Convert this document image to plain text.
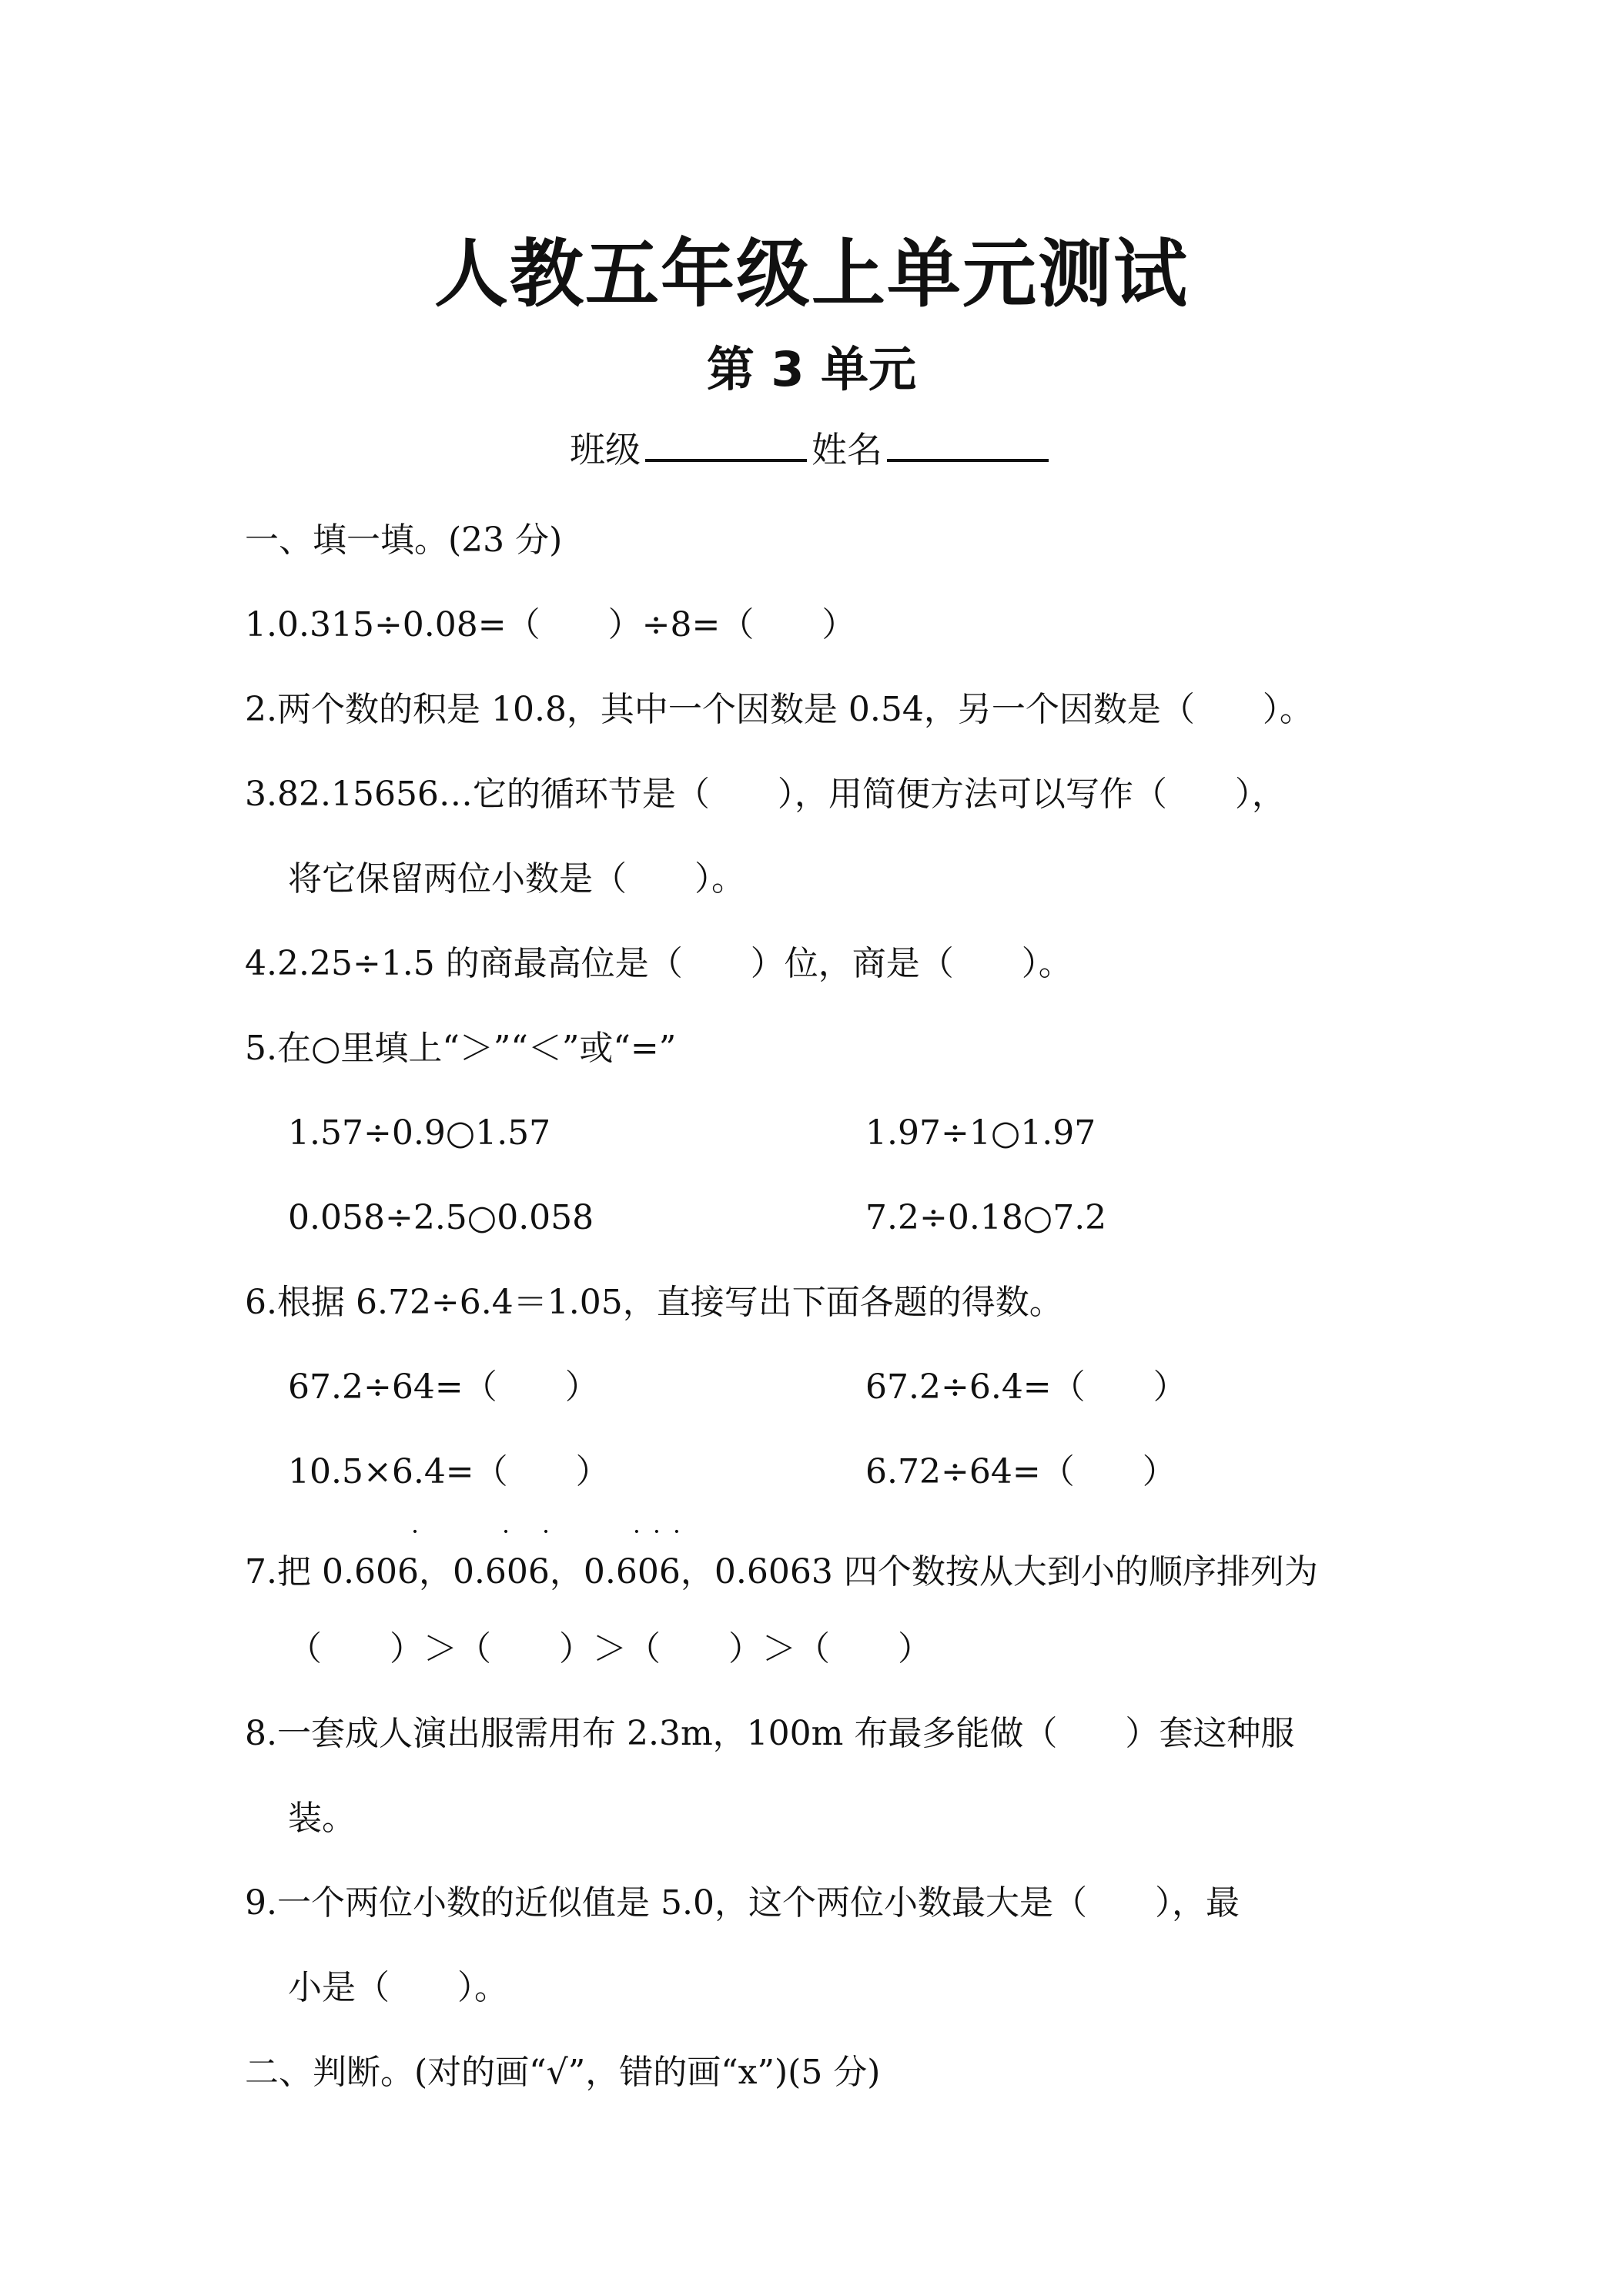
人教五年级上单元测试
第 3 单元
班级	姓名
一、填一填。(23 分)
1.0.315÷0.08=（　　）÷8=（　　）
2.两个数的积是 10.8，其中一个因数是 0.54，另一个因数是（　　）。
3.82.15656…它的循环节是（　　），用简便方法可以写作（　　），
将它保留两位小数是（　　）。
4.2.25÷1.5 的商最高位是（　　）位，商是（　　）。
5.在○里填上“＞”“＜”或“=”
1.57÷0.9○1.57	1.97÷1○1.97
0.058÷2.5○0.058	7.2÷0.18○7.2
6.根据 6.72÷6.4＝1.05，直接写出下面各题的得数。
67.2÷64=（　　）	67.2÷6.4=（　　）
10.5×6.4=（　　）	6.72÷64=（　　）
7.把 0.606
˙
，0.606
˙ ˙
，0.606
˙ ˙ ˙
，0.6063 四个数按从大到小的顺序排列为
（　　）＞（　　）＞（　　）＞（　　）
8.一套成人演出服需用布 2.3m，100m 布最多能做（　　）套这种服
装。
9.一个两位小数的近似值是 5.0，这个两位小数最大是（　　），最
小是（　　）。
二、判断。(对的画“√”，错的画“x”)(5 分)
